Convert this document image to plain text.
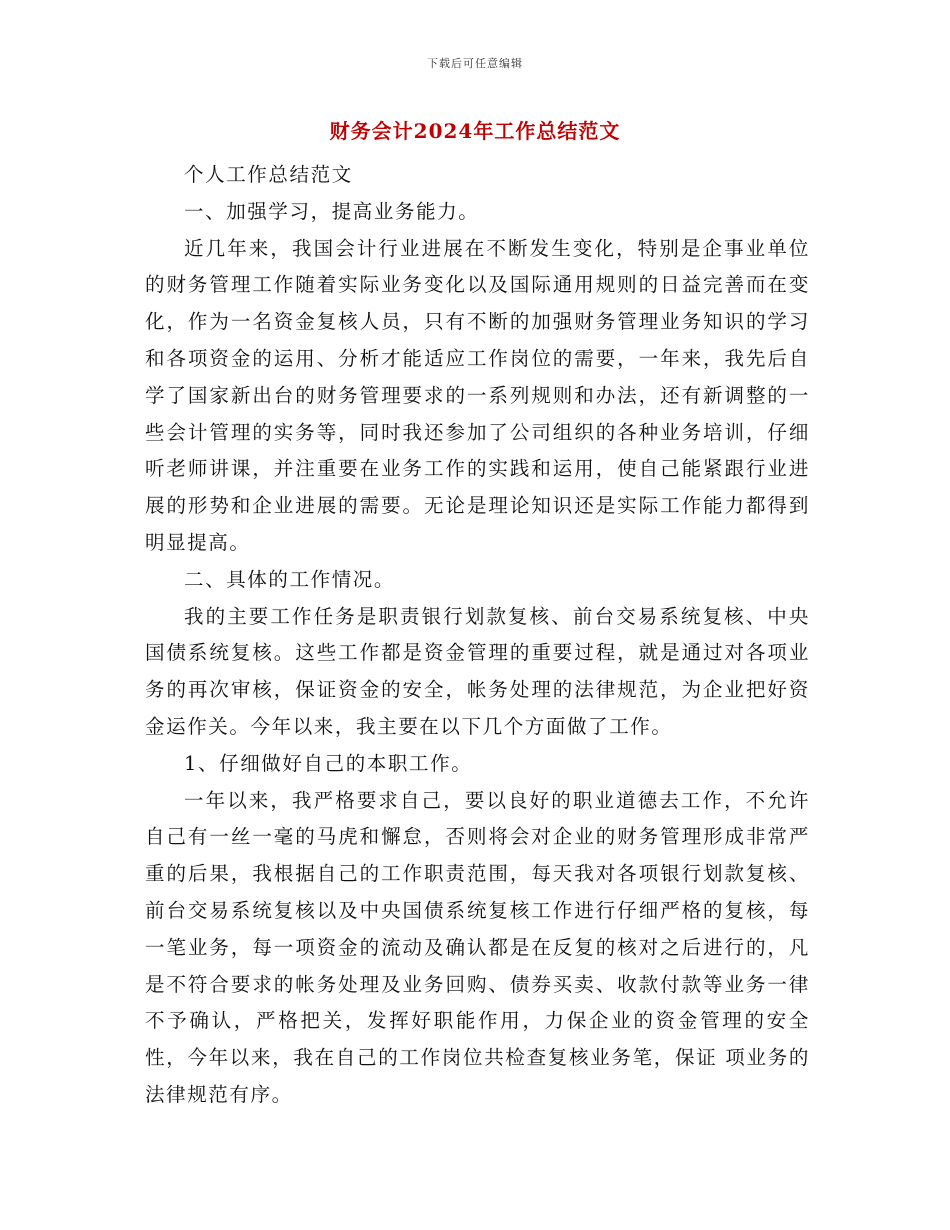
下载后可任意编辑
财务会计2024年工作总结范文

个人工作总结范文

一、加强学习，提高业务能力。

近几年来，我国会计行业进展在不断发生变化，特别是企事业单位的财务管理工作随着实际业务变化以及国际通用规则的日益完善而在变化，作为一名资金复核人员，只有不断的加强财务管理业务知识的学习和各项资金的运用、分析才能适应工作岗位的需要，一年来，我先后自学了国家新出台的财务管理要求的一系列规则和办法，还有新调整的一些会计管理的实务等，同时我还参加了公司组织的各种业务培训，仔细听老师讲课，并注重要在业务工作的实践和运用，使自己能紧跟行业进展的形势和企业进展的需要。无论是理论知识还是实际工作能力都得到明显提高。

二、具体的工作情况。

我的主要工作任务是职责银行划款复核、前台交易系统复核、中央国债系统复核。这些工作都是资金管理的重要过程，就是通过对各项业务的再次审核，保证资金的安全，帐务处理的法律规范，为企业把好资金运作关。今年以来，我主要在以下几个方面做了工作。

1、仔细做好自己的本职工作。

一年以来，我严格要求自己，要以良好的职业道德去工作，不允许自己有一丝一毫的马虎和懈怠，否则将会对企业的财务管理形成非常严重的后果，我根据自己的工作职责范围，每天我对各项银行划款复核、前台交易系统复核以及中央国债系统复核工作进行仔细严格的复核，每一笔业务，每一项资金的流动及确认都是在反复的核对之后进行的，凡是不符合要求的帐务处理及业务回购、债券买卖、收款付款等业务一律不予确认，严格把关，发挥好职能作用，力保企业的资金管理的安全性，今年以来，我在自己的工作岗位共检查复核业务笔，保证 项业务的法律规范有序。
